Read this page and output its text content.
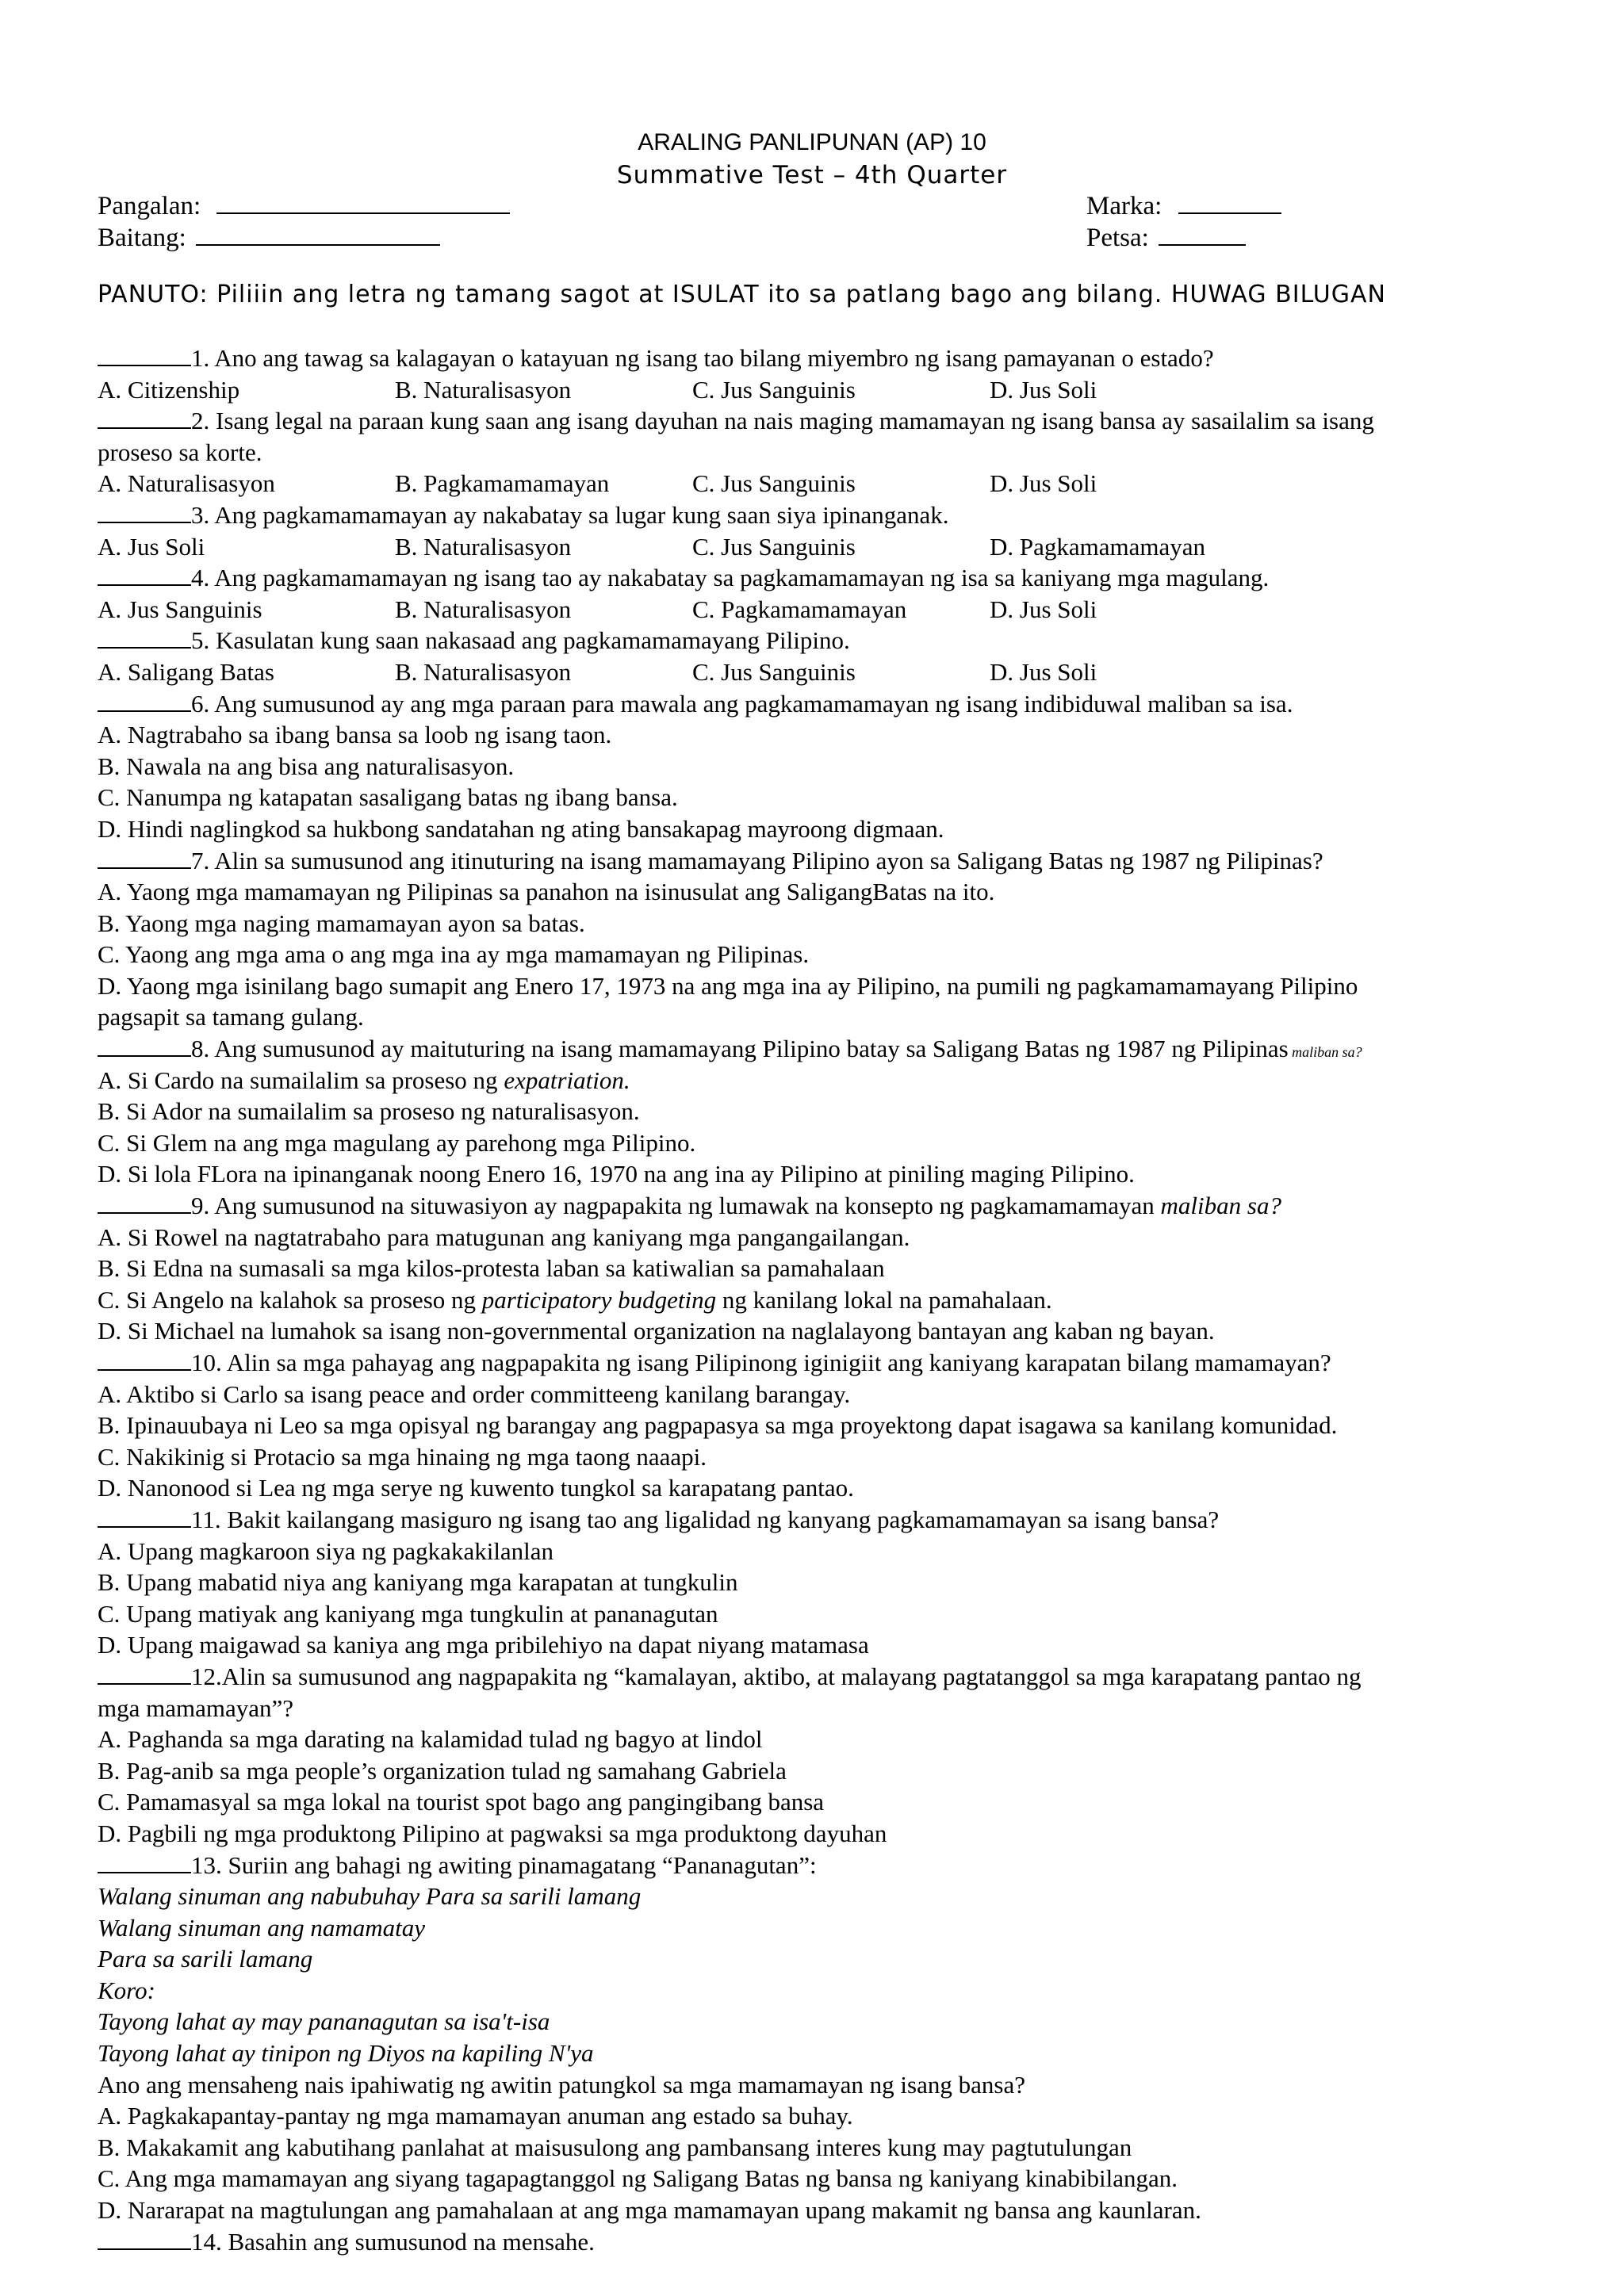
ARALING PANLIPUNAN (AP) 10
Summative Test – 4th Quarter
Pangalan:
Baitang:
Marka:
Petsa:
PANUTO: Piliiin ang letra ng tamang sagot at ISULAT ito sa patlang bago ang bilang. HUWAG BILUGAN
1. Ano ang tawag sa kalagayan o katayuan ng isang tao bilang miyembro ng isang pamayanan o estado?
A. Citizenship	B. Naturalisasyon	C. Jus Sanguinis	D. Jus Soli
2. Isang legal na paraan kung saan ang isang dayuhan na nais maging mamamayan ng isang bansa ay sasailalim sa isang
proseso sa korte.
A. Naturalisasyon	B. Pagkamamamayan	C. Jus Sanguinis	D. Jus Soli
3. Ang pagkamamamayan ay nakabatay sa lugar kung saan siya ipinanganak.
A. Jus Soli	B. Naturalisasyon	C. Jus Sanguinis	D. Pagkamamamayan
4. Ang pagkamamamayan ng isang tao ay nakabatay sa pagkamamamayan ng isa sa kaniyang mga magulang.
A. Jus Sanguinis	B. Naturalisasyon	C. Pagkamamamayan	D. Jus Soli
5. Kasulatan kung saan nakasaad ang pagkamamamayang Pilipino.
A. Saligang Batas	B. Naturalisasyon	C. Jus Sanguinis	D. Jus Soli
6. Ang sumusunod ay ang mga paraan para mawala ang pagkamamamayan ng isang indibiduwal maliban sa isa.
A. Nagtrabaho sa ibang bansa sa loob ng isang taon.
B. Nawala na ang bisa ang naturalisasyon.
C. Nanumpa ng katapatan sasaligang batas ng ibang bansa.
D. Hindi naglingkod sa hukbong sandatahan ng ating bansakapag mayroong digmaan.
7. Alin sa sumusunod ang itinuturing na isang mamamayang Pilipino ayon sa Saligang Batas ng 1987 ng Pilipinas?
A. Yaong mga mamamayan ng Pilipinas sa panahon na isinusulat ang SaligangBatas na ito.
B. Yaong mga naging mamamayan ayon sa batas.
C. Yaong ang mga ama o ang mga ina ay mga mamamayan ng Pilipinas.
D. Yaong mga isinilang bago sumapit ang Enero 17, 1973 na ang mga ina ay Pilipino, na pumili ng pagkamamamayang Pilipino
pagsapit sa tamang gulang.
8. Ang sumusunod ay maituturing na isang mamamayang Pilipino batay sa Saligang Batas ng 1987 ng Pilipinas maliban sa?
A. Si Cardo na sumailalim sa proseso ng expatriation.
B. Si Ador na sumailalim sa proseso ng naturalisasyon.
C. Si Glem na ang mga magulang ay parehong mga Pilipino.
D. Si lola FLora na ipinanganak noong Enero 16, 1970 na ang ina ay Pilipino at piniling maging Pilipino.
9. Ang sumusunod na situwasiyon ay nagpapakita ng lumawak na konsepto ng pagkamamamayan maliban sa?
A. Si Rowel na nagtatrabaho para matugunan ang kaniyang mga pangangailangan.
B. Si Edna na sumasali sa mga kilos-protesta laban sa katiwalian sa pamahalaan
C. Si Angelo na kalahok sa proseso ng participatory budgeting ng kanilang lokal na pamahalaan.
D. Si Michael na lumahok sa isang non-governmental organization na naglalayong bantayan ang kaban ng bayan.
10. Alin sa mga pahayag ang nagpapakita ng isang Pilipinong iginigiit ang kaniyang karapatan bilang mamamayan?
A. Aktibo si Carlo sa isang peace and order committeeng kanilang barangay.
B. Ipinauubaya ni Leo sa mga opisyal ng barangay ang pagpapasya sa mga proyektong dapat isagawa sa kanilang komunidad.
C. Nakikinig si Protacio sa mga hinaing ng mga taong naaapi.
D. Nanonood si Lea ng mga serye ng kuwento tungkol sa karapatang pantao.
11. Bakit kailangang masiguro ng isang tao ang ligalidad ng kanyang pagkamamamayan sa isang bansa?
A. Upang magkaroon siya ng pagkakakilanlan
B. Upang mabatid niya ang kaniyang mga karapatan at tungkulin
C. Upang matiyak ang kaniyang mga tungkulin at pananagutan
D. Upang maigawad sa kaniya ang mga pribilehiyo na dapat niyang matamasa
12.Alin sa sumusunod ang nagpapakita ng “kamalayan, aktibo, at malayang pagtatanggol sa mga karapatang pantao ng
mga mamamayan”?
A. Paghanda sa mga darating na kalamidad tulad ng bagyo at lindol
B. Pag-anib sa mga people’s organization tulad ng samahang Gabriela
C. Pamamasyal sa mga lokal na tourist spot bago ang pangingibang bansa
D. Pagbili ng mga produktong Pilipino at pagwaksi sa mga produktong dayuhan
13. Suriin ang bahagi ng awiting pinamagatang “Pananagutan”:
Walang sinuman ang nabubuhay Para sa sarili lamang
Walang sinuman ang namamatay
Para sa sarili lamang
Koro:
Tayong lahat ay may pananagutan sa isa't-isa
Tayong lahat ay tinipon ng Diyos na kapiling N'ya
Ano ang mensaheng nais ipahiwatig ng awitin patungkol sa mga mamamayan ng isang bansa?
A. Pagkakapantay-pantay ng mga mamamayan anuman ang estado sa buhay.
B. Makakamit ang kabutihang panlahat at maisusulong ang pambansang interes kung may pagtutulungan
C. Ang mga mamamayan ang siyang tagapagtanggol ng Saligang Batas ng bansa ng kaniyang kinabibilangan.
D. Nararapat na magtulungan ang pamahalaan at ang mga mamamayan upang makamit ng bansa ang kaunlaran.
14. Basahin ang sumusunod na mensahe.
